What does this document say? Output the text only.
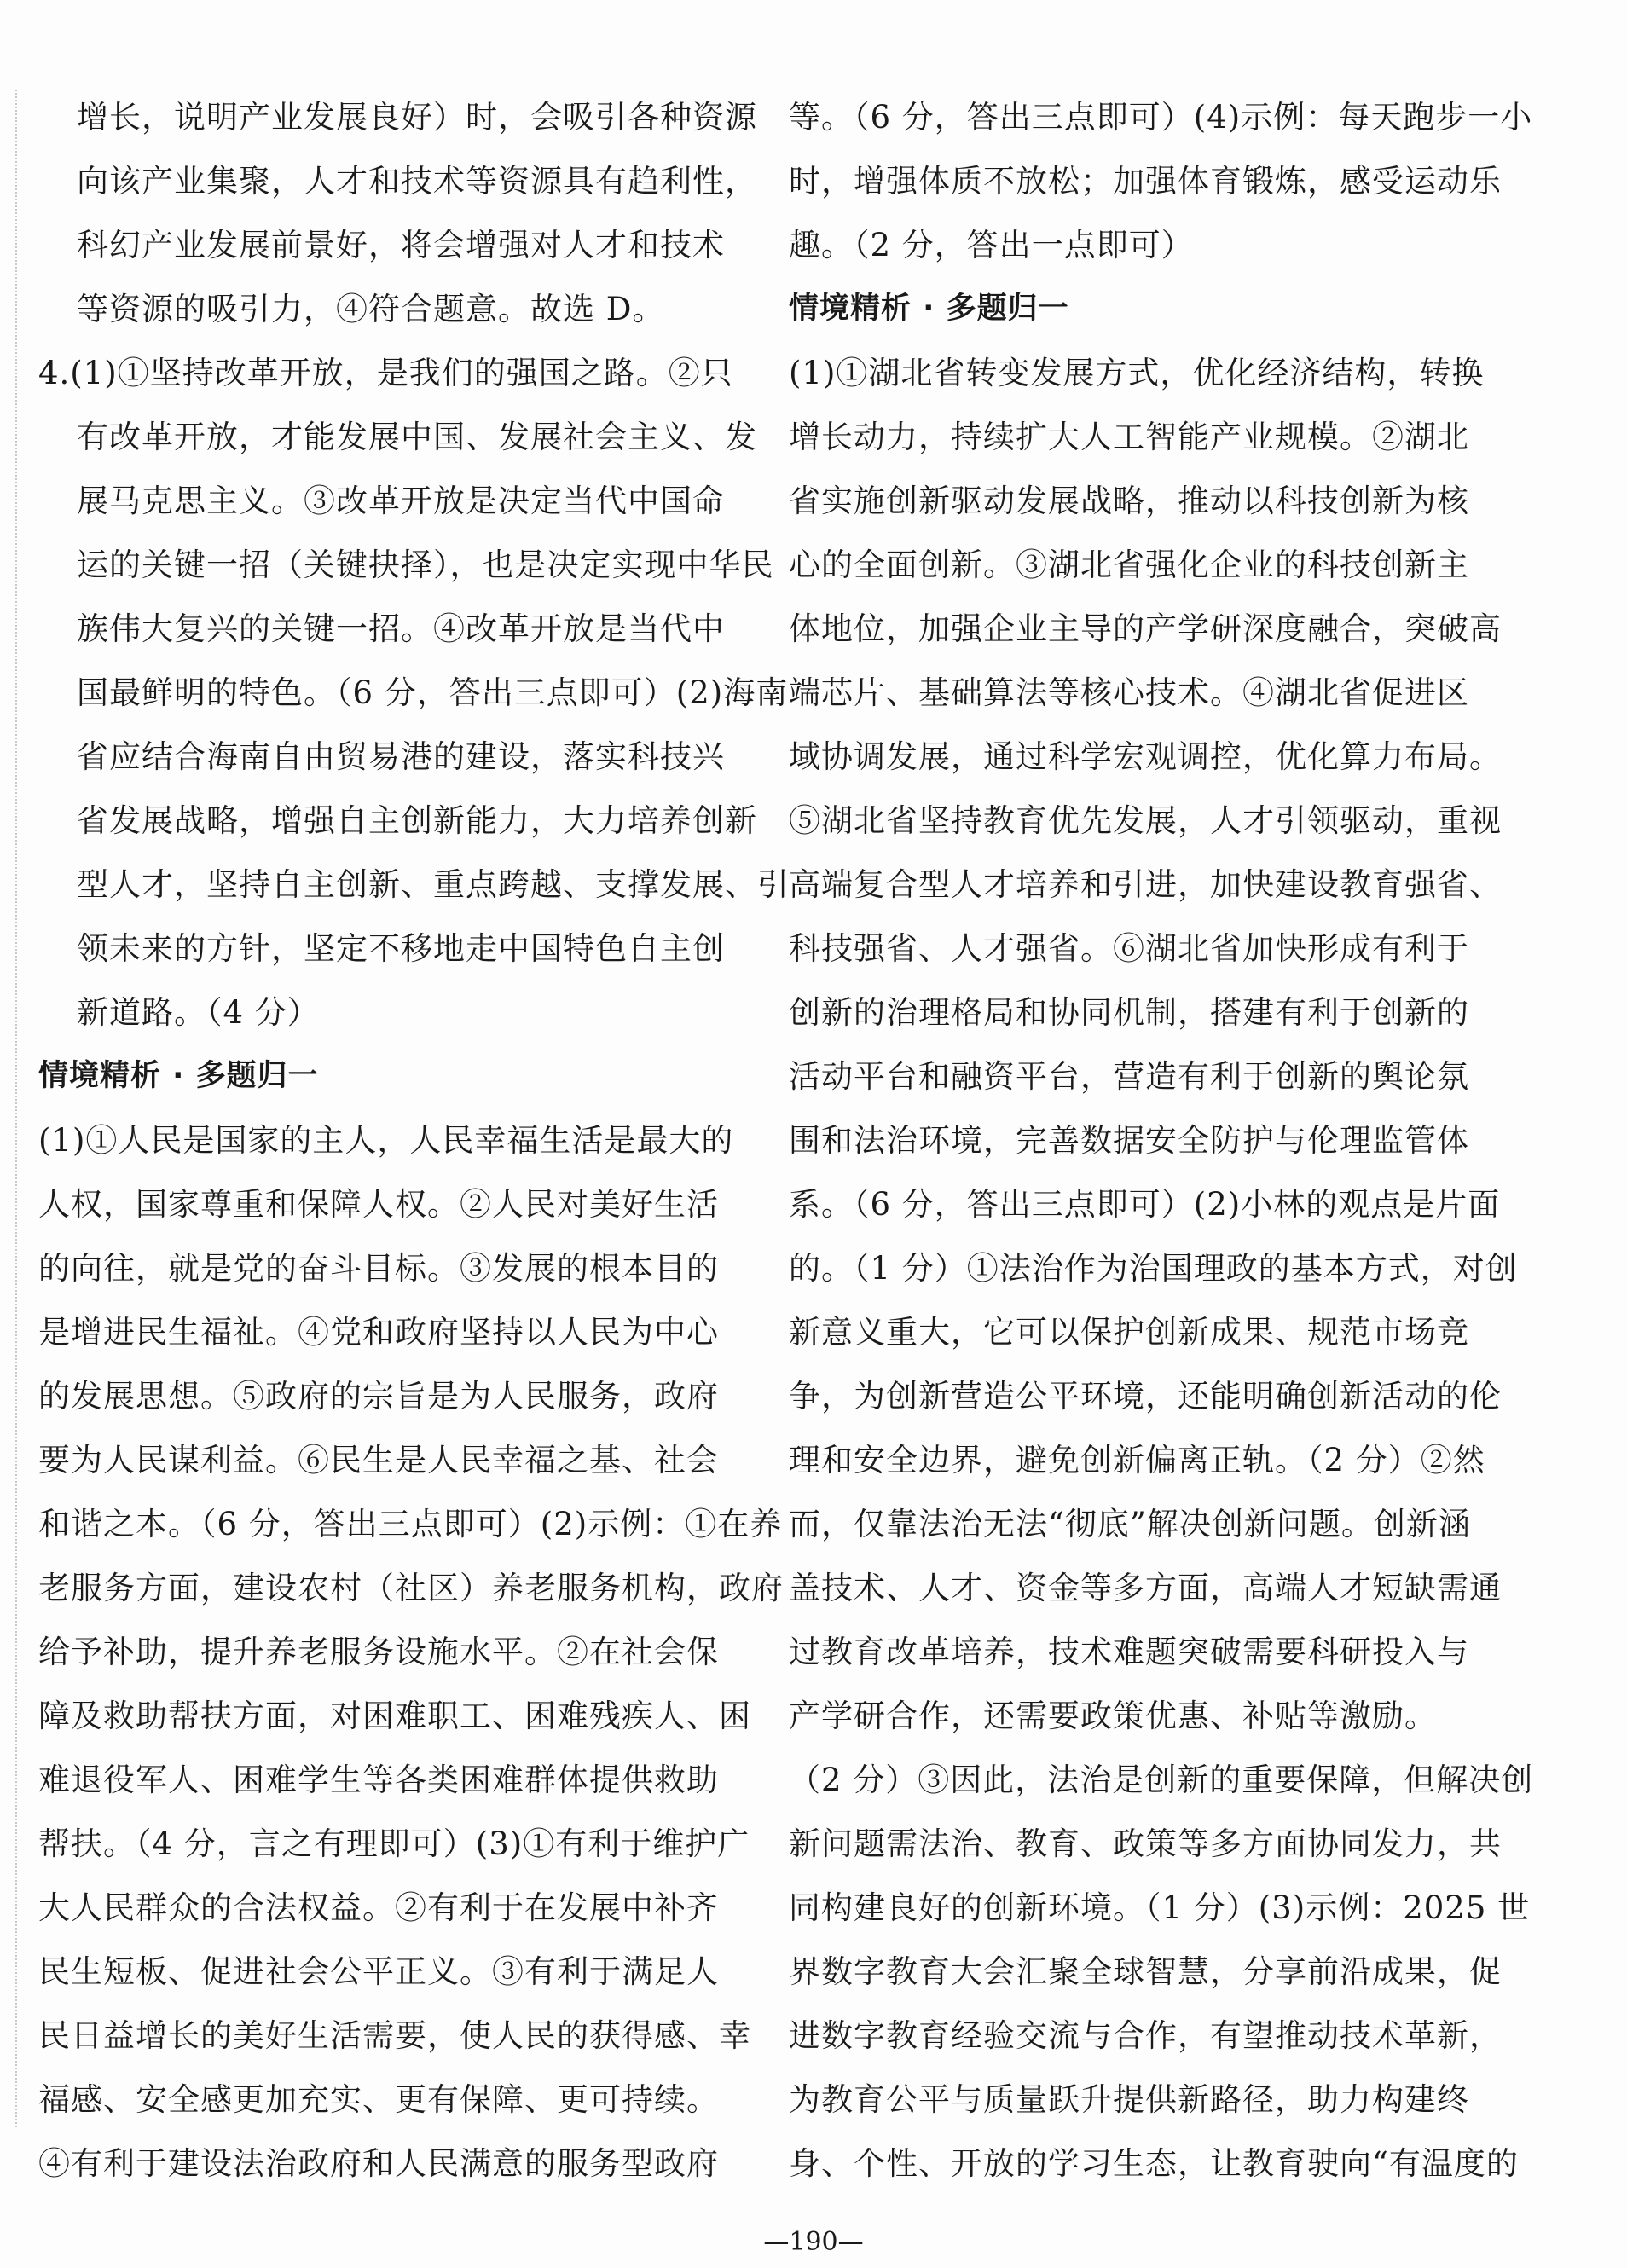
增长，说明产业发展良好）时，会吸引各种资源
向该产业集聚，人才和技术等资源具有趋利性，
科幻产业发展前景好，将会增强对人才和技术
等资源的吸引力，④符合题意。故选 D。
4.(1)①坚持改革开放，是我们的强国之路。②只
有改革开放，才能发展中国、发展社会主义、发
展马克思主义。③改革开放是决定当代中国命
运的关键一招（关键抉择），也是决定实现中华民
族伟大复兴的关键一招。④改革开放是当代中
国最鲜明的特色。（6 分，答出三点即可）(2)海南
省应结合海南自由贸易港的建设，落实科技兴
省发展战略，增强自主创新能力，大力培养创新
型人才，坚持自主创新、重点跨越、支撑发展、引
领未来的方针，坚定不移地走中国特色自主创
新道路。（4 分）
情境精析 · 多题归一
(1)①人民是国家的主人，人民幸福生活是最大的
人权，国家尊重和保障人权。②人民对美好生活
的向往，就是党的奋斗目标。③发展的根本目的
是增进民生福祉。④党和政府坚持以人民为中心
的发展思想。⑤政府的宗旨是为人民服务，政府
要为人民谋利益。⑥民生是人民幸福之基、社会
和谐之本。（6 分，答出三点即可）(2)示例：①在养
老服务方面，建设农村（社区）养老服务机构，政府
给予补助，提升养老服务设施水平。②在社会保
障及救助帮扶方面，对困难职工、困难残疾人、困
难退役军人、困难学生等各类困难群体提供救助
帮扶。（4 分，言之有理即可）(3)①有利于维护广
大人民群众的合法权益。②有利于在发展中补齐
民生短板、促进社会公平正义。③有利于满足人
民日益增长的美好生活需要，使人民的获得感、幸
福感、安全感更加充实、更有保障、更可持续。
④有利于建设法治政府和人民满意的服务型政府
等。（6 分，答出三点即可）(4)示例：每天跑步一小
时，增强体质不放松；加强体育锻炼，感受运动乐
趣。（2 分，答出一点即可）
情境精析 · 多题归一
(1)①湖北省转变发展方式，优化经济结构，转换
增长动力，持续扩大人工智能产业规模。②湖北
省实施创新驱动发展战略，推动以科技创新为核
心的全面创新。③湖北省强化企业的科技创新主
体地位，加强企业主导的产学研深度融合，突破高
端芯片、基础算法等核心技术。④湖北省促进区
域协调发展，通过科学宏观调控，优化算力布局。
⑤湖北省坚持教育优先发展，人才引领驱动，重视
高端复合型人才培养和引进，加快建设教育强省、
科技强省、人才强省。⑥湖北省加快形成有利于
创新的治理格局和协同机制，搭建有利于创新的
活动平台和融资平台，营造有利于创新的舆论氛
围和法治环境，完善数据安全防护与伦理监管体
系。（6 分，答出三点即可）(2)小林的观点是片面
的。（1 分）①法治作为治国理政的基本方式，对创
新意义重大，它可以保护创新成果、规范市场竞
争，为创新营造公平环境，还能明确创新活动的伦
理和安全边界，避免创新偏离正轨。（2 分）②然
而，仅靠法治无法“彻底”解决创新问题。创新涵
盖技术、人才、资金等多方面，高端人才短缺需通
过教育改革培养，技术难题突破需要科研投入与
产学研合作，还需要政策优惠、补贴等激励。
（2 分）③因此，法治是创新的重要保障，但解决创
新问题需法治、教育、政策等多方面协同发力，共
同构建良好的创新环境。（1 分）(3)示例：2025 世
界数字教育大会汇聚全球智慧，分享前沿成果，促
进数字教育经验交流与合作，有望推动技术革新，
为教育公平与质量跃升提供新路径，助力构建终
身、个性、开放的学习生态，让教育驶向“有温度的
—190—
